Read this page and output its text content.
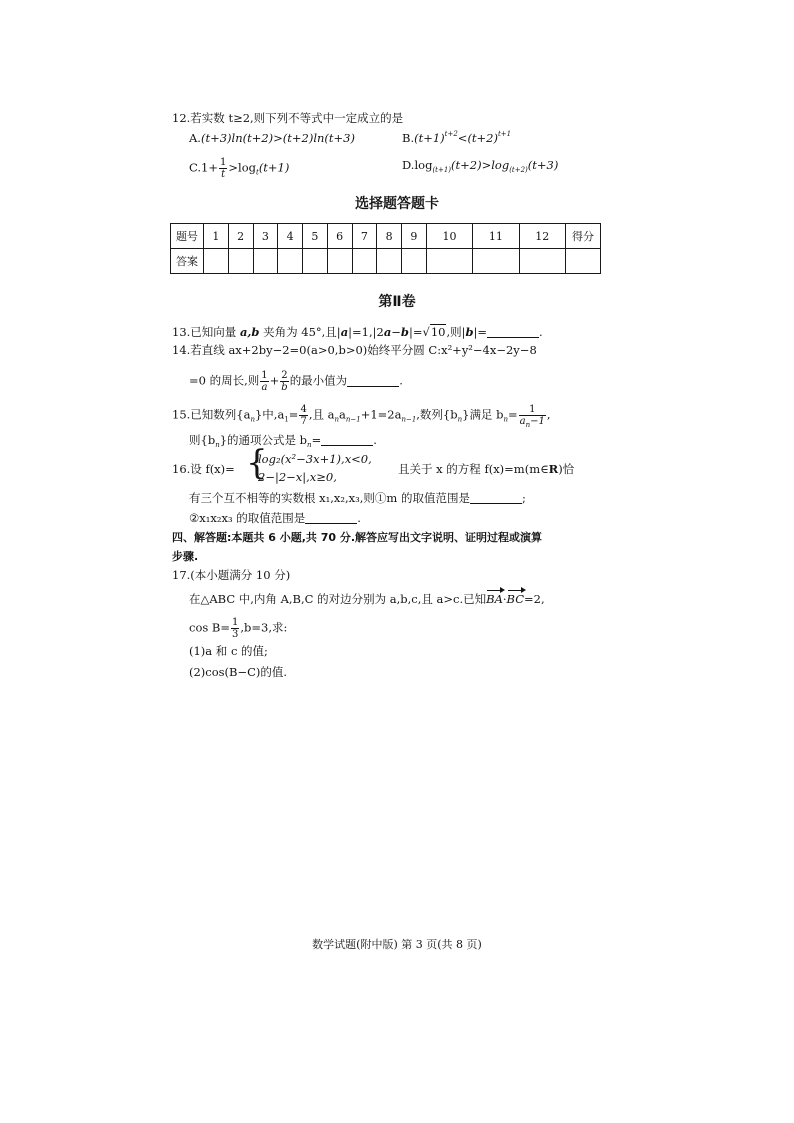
12.若实数 t≥2,则下列不等式中一定成立的是
A.(t+3)ln(t+2)>(t+2)ln(t+3)	$B.(t+1)^{t+2}<(t+2)^{t+1}$
$C.1+ \frac{1}{t} >\log_t(t+1)$	$D.\log_{(t+1)}(t+2)>\log_{(t+2)}(t+3)$
选择题答题卡
题号	1	2	3	4	5	6	7	8	9	10	11	12	得分
答案													
第Ⅱ卷
13.已知向量 a,b 夹角为 45°,且|a|=1,|2a−b|=√10,则|b|=	.
14.若直线 ax+2by−2=0(a>0,b>0)始终平分圆 C:x²+y²−4x−2y−8
=0 的周长,则 $\frac{1}{a} + \frac{2}{b}$ 的最小值为	.
15.已知数列$\{a_n\}$中$,a_1= \frac{4}{7}$ ,且 $a_na_{n-1}+1=2a_{n-1}$,数列$\{b_n\}$满足 $b_n= \frac{1}{a_n-1}$ ,
则$\{b_n\}$的通项公式是 $b_n=$	.
16.设 f(x)= {
log₂(x²−3x+1),x<0,
2−|2−x|,x≥0,
且关于 x 的方程 f(x)=m(m∈R)恰
有三个互不相等的实数根 x₁,x₂,x₃,则①m 的取值范围是	;
②x₁x₂x₃ 的取值范围是	.
四、解答题:本题共 6 小题,共 70 分.解答应写出文字说明、证明过程或演算
步骤.
17.(本小题满分 10 分)
在△ABC 中,内角 A,B,C 的对边分别为 a,b,c,且 a>c.已知BA·BC=2,
$\cos B= \frac{1}{3} ,b=3$,求:
(1)a 和 c 的值;
(2)cos(B−C)的值.
数学试题(附中版) 第 3 页(共 8 页)
